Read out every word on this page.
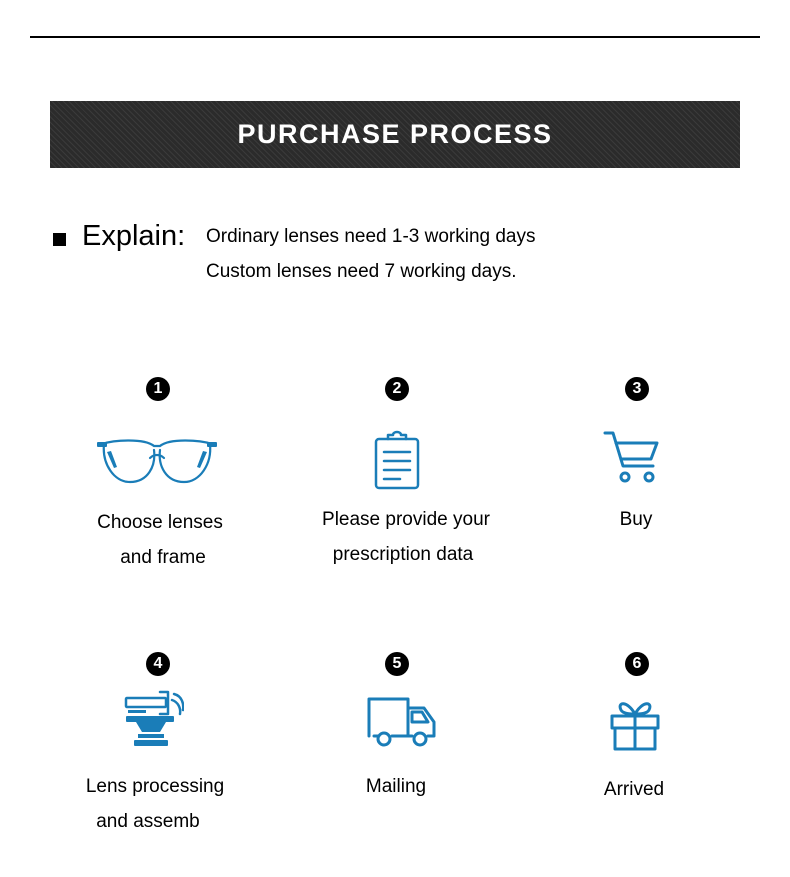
PURCHASE PROCESS
Explain: Ordinary lenses need 1-3 working days
Custom lenses need 7 working days.
1
Choose lenses
and frame
2
Please provide your
prescription data
3
Buy
4
Lens processing
and assemb
5
Mailing
6
Arrived
